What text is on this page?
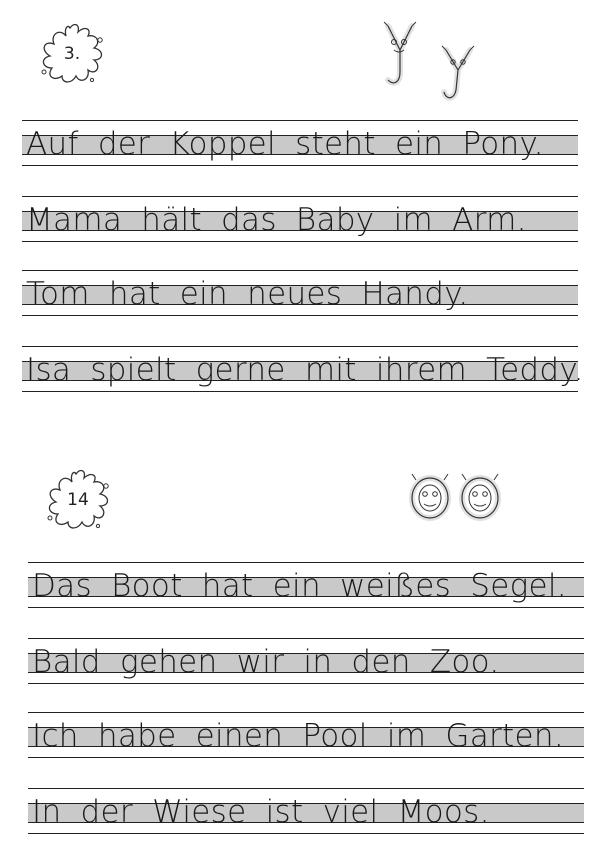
3.
Auf der Koppel steht ein Pony.
Mama hält das Baby im Arm.
Tom hat ein neues Handy.
Isa spielt gerne mit ihrem Teddy.
14
Das Boot hat ein weißes Segel.
Bald gehen wir in den Zoo.
Ich habe einen Pool im Garten.
In der Wiese ist viel Moos.
